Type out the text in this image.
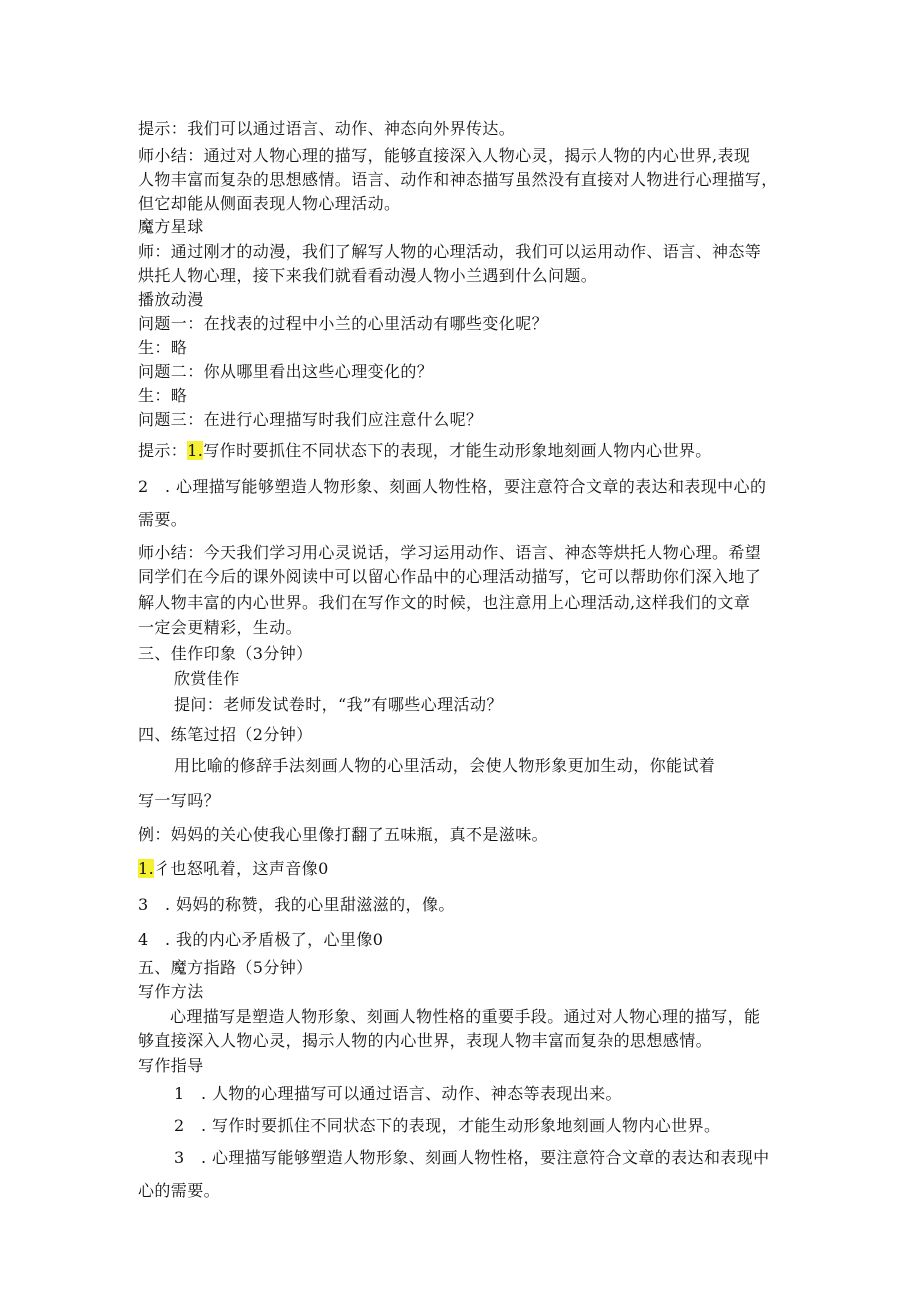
提示：我们可以通过语言、动作、神态向外界传达。
师小结：通过对人物心理的描写，能够直接深入人物心灵，揭示人物的内心世界,表现
人物丰富而复杂的思想感情。语言、动作和神态描写虽然没有直接对人物进行心理描写，
但它却能从侧面表现人物心理活动。
魔方星球
师：通过刚才的动漫，我们了解写人物的心理活动，我们可以运用动作、语言、神态等
烘托人物心理，接下来我们就看看动漫人物小兰遇到什么问题。
播放动漫
问题一：在找表的过程中小兰的心里活动有哪些变化呢？
生：略
问题二：你从哪里看出这些心理变化的？
生：略
问题三：在进行心理描写时我们应注意什么呢？
提示：1.写作时要抓住不同状态下的表现，才能生动形象地刻画人物内心世界。
2　. 心理描写能够塑造人物形象、刻画人物性格，要注意符合文章的表达和表现中心的
需要。
师小结：今天我们学习用心灵说话，学习运用动作、语言、神态等烘托人物心理。希望
同学们在今后的课外阅读中可以留心作品中的心理活动描写，它可以帮助你们深入地了
解人物丰富的内心世界。我们在写作文的时候，也注意用上心理活动,这样我们的文章
一定会更精彩，生动。
三、佳作印象（3分钟）
欣赏佳作
提问：老师发试卷时，“我”有哪些心理活动？
四、练笔过招（2分钟）
用比喻的修辞手法刻画人物的心里活动，会使人物形象更加生动，你能试着
写一写吗？
例：妈妈的关心使我心里像打翻了五味瓶，真不是滋味。
1.彳也怒吼着，这声音像0
3　. 妈妈的称赞，我的心里甜滋滋的，像。
4　. 我的内心矛盾极了，心里像0
五、魔方指路（5分钟）
写作方法
心理描写是塑造人物形象、刻画人物性格的重要手段。通过对人物心理的描写，能
够直接深入人物心灵，揭示人物的内心世界，表现人物丰富而复杂的思想感情。
写作指导
1　. 人物的心理描写可以通过语言、动作、神态等表现出来。
2　. 写作时要抓住不同状态下的表现，才能生动形象地刻画人物内心世界。
3　. 心理描写能够塑造人物形象、刻画人物性格，要注意符合文章的表达和表现中
心的需要。
